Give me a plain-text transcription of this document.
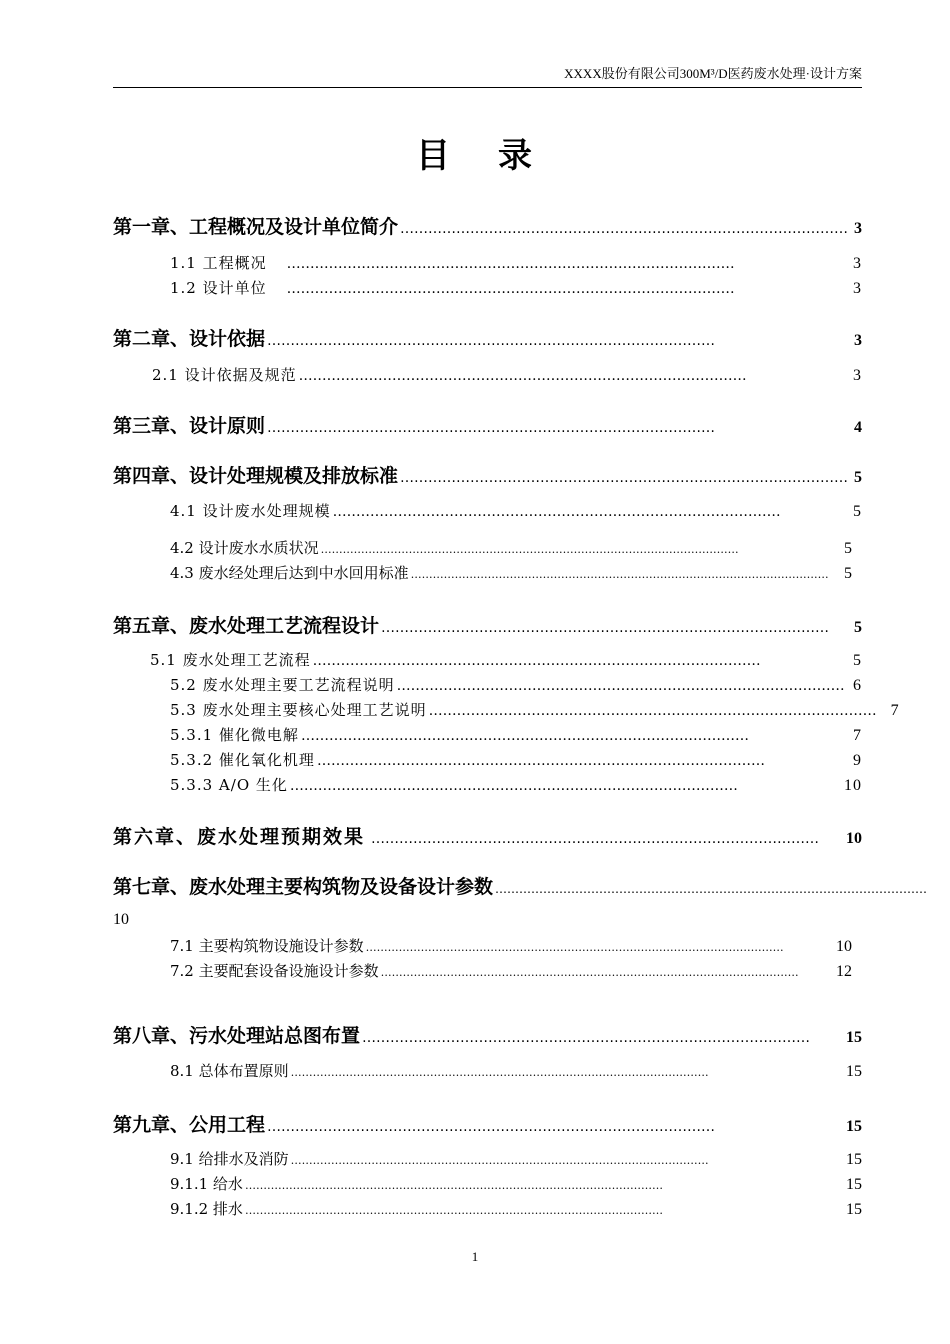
XXXX股份有限公司300M³/D医药废水处理·设计方案
目 录
第一章、工程概况及设计单位简介 …………………………………………………………………………………… 3
1.1 工程概况 ……………………………………………………………………………………	3
1.2 设计单位 ……………………………………………………………………………………	3
第二章、设计依据 ……………………………………………………………………………………	3
2.1 设计依据及规范 ……………………………………………………………………………………	3
第三章、设计原则 ……………………………………………………………………………………	4
第四章、设计处理规模及排放标准 …………………………………………………………………………………… 5
4.1 设计废水处理规模 ……………………………………………………………………………………	5
4.2 设计废水水质状况 ……………………………………………………………………………………………………	5
4.3 废水经处理后达到中水回用标准 …………………………………………………………………………………………………… 5
第五章、废水处理工艺流程设计 ……………………………………………………………………………………	5
5.1 废水处理工艺流程 ……………………………………………………………………………………	5
5.2 废水处理主要工艺流程说明 …………………………………………………………………………………… 6
5.3 废水处理主要核心处理工艺说明 …………………………………………………………………………………… 7
5.3.1 催化微电解 ……………………………………………………………………………………	7
5.3.2 催化氧化机理 ……………………………………………………………………………………	9
5.3.3 A/O 生化 ……………………………………………………………………………………	10
第六章、废水处理预期效果 ……………………………………………………………………………………	10
第七章、废水处理主要构筑物及设备设计参数 ………………………………………………………………………………………………
10
7.1 主要构筑物设施设计参数 ……………………………………………………………………………………………………	10
7.2 主要配套设备设施设计参数 ……………………………………………………………………………………………………	12
第八章、污水处理站总图布置 ……………………………………………………………………………………	15
8.1 总体布置原则 ……………………………………………………………………………………………………	15
第九章、公用工程 ……………………………………………………………………………………	15
9.1 给排水及消防 ……………………………………………………………………………………………………	15
9.1.1 给水 ……………………………………………………………………………………………………	15
9.1.2 排水 ……………………………………………………………………………………………………	15
1
